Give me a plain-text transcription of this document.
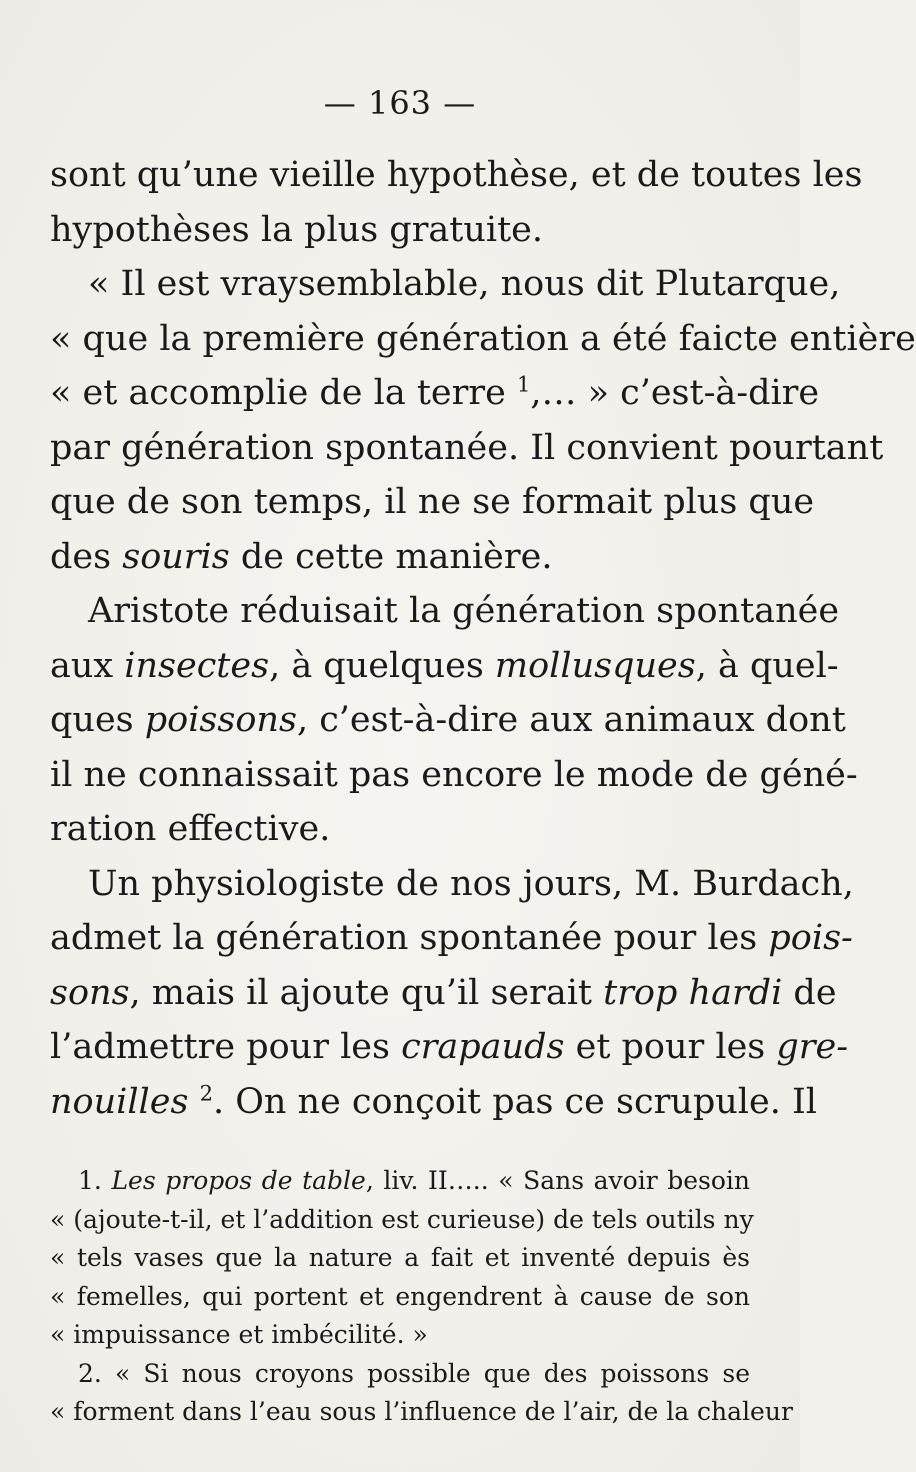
— 163 —
sont qu’une vieille hypothèse, et de toutes les
hypothèses la plus gratuite.
« Il est vraysemblable, nous dit Plutarque,
« que la première génération a été faicte entière
« et accomplie de la terre $^1$,… » c’est-à-dire
par génération spontanée. Il convient pourtant
que de son temps, il ne se formait plus que
des souris de cette manière.
Aristote réduisait la génération spontanée
aux insectes, à quelques mollusques, à quel-
ques poissons, c’est-à-dire aux animaux dont
il ne connaissait pas encore le mode de géné-
ration effective.
Un physiologiste de nos jours, M. Burdach,
admet la génération spontanée pour les pois-
sons, mais il ajoute qu’il serait trop hardi de
l’admettre pour les crapauds et pour les gre-
nouilles $^2$. On ne conçoit pas ce scrupule. Il
1. Les propos de table, liv. II….. « Sans avoir besoin
« (ajoute-t-il, et l’addition est curieuse) de tels outils ny
« tels vases que la nature a fait et inventé depuis ès
« femelles, qui portent et engendrent à cause de son
« impuissance et imbécilité. »
2. « Si nous croyons possible que des poissons se
« forment dans l’eau sous l’influence de l’air, de la chaleur
